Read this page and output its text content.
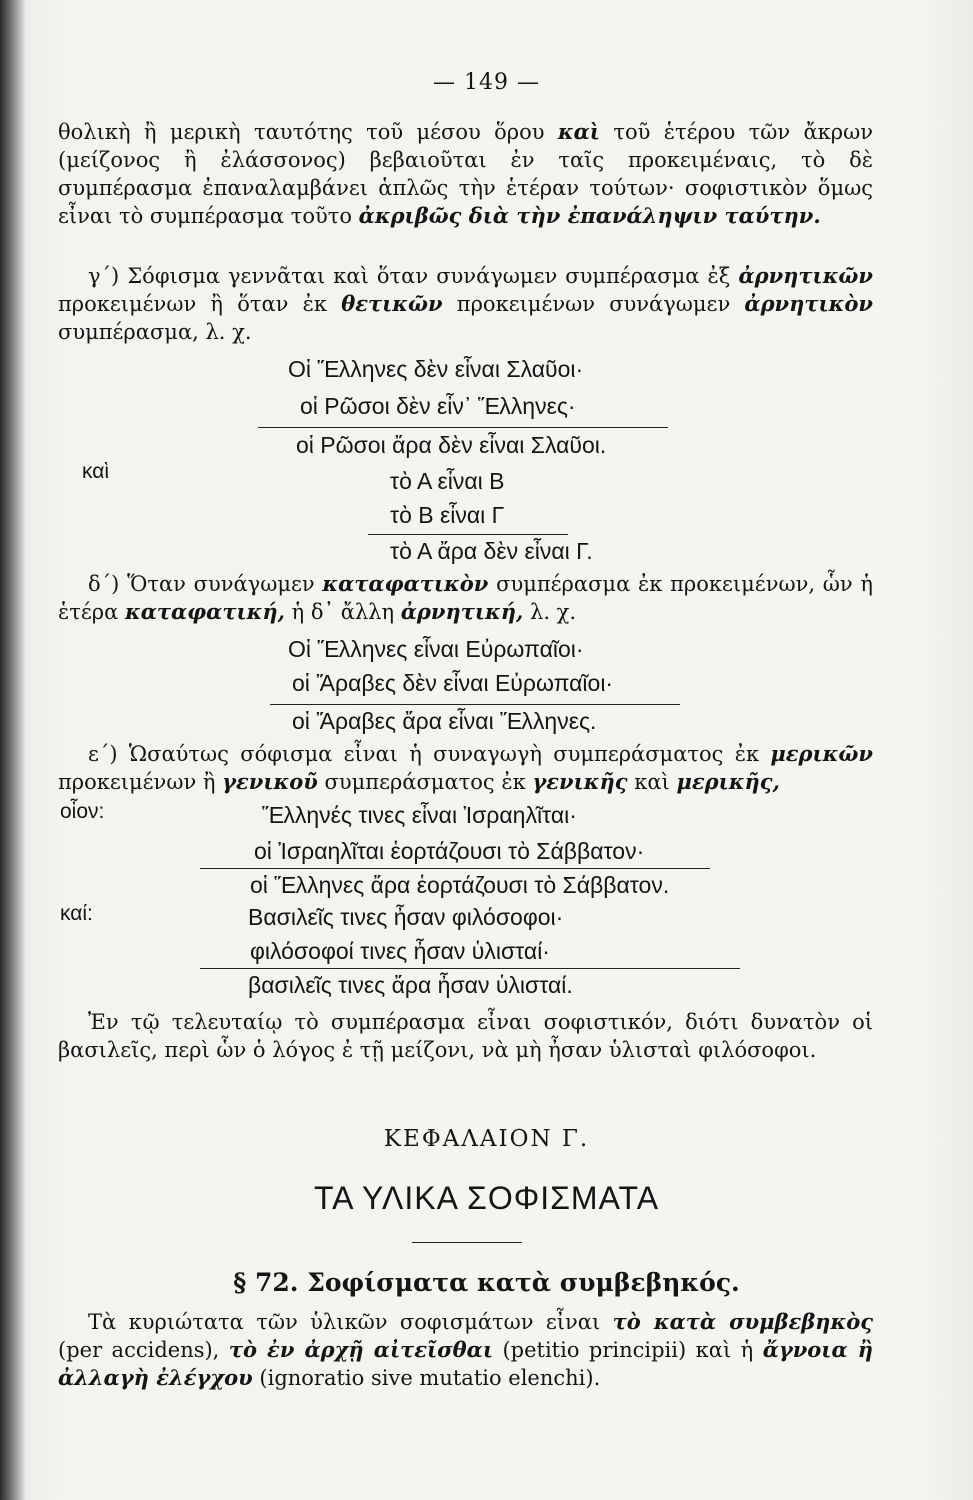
— 149 —

θολικὴ ἢ μερικὴ ταυτότης τοῦ μέσου ὅρου καὶ τοῦ ἑτέρου τῶν ἄκρων (μείζονος ἢ ἐλάσσονος) βεβαιοῦται ἐν ταῖς προκειμέναις, τὸ δὲ συμπέρασμα ἐπαναλαμβάνει ἁπλῶς τὴν ἑτέραν τούτων· σοφιστικὸν ὅμως εἶναι τὸ συμπέρασμα τοῦτο ἀκριβῶς διὰ τὴν ἐπανάληψιν ταύτην.

γ΄) Σόφισμα γεννᾶται καὶ ὅταν συνάγωμεν συμπέρασμα ἐξ ἀρνητικῶν προκειμένων ἢ ὅταν ἐκ θετικῶν προκειμένων συνάγωμεν ἀρνητικὸν συμπέρασμα, λ. χ.

Οἱ Ἕλληνες δὲν εἶναι Σλαῦοι·
οἱ Ρῶσοι δὲν εἶν᾽ Ἕλληνες·
οἱ Ρῶσοι ἄρα δὲν εἶναι Σλαῦοι.
καὶ	τὸ Α εἶναι Β
τὸ Β εἶναι Γ
τὸ Α ἄρα δὲν εἶναι Γ.

δ΄) Ὅταν συνάγωμεν καταφατικὸν συμπέρασμα ἐκ προκειμένων, ὧν ἡ ἑτέρα καταφατική, ἡ δ᾽ ἄλλη ἀρνητική, λ. χ.

Οἱ Ἕλληνες εἶναι Εὐρωπαῖοι·
οἱ Ἄραβες δὲν εἶναι Εὐρωπαῖοι·
οἱ Ἄραβες ἄρα εἶναι Ἕλληνες.

ε΄) Ὡσαύτως σόφισμα εἶναι ἡ συναγωγὴ συμπεράσματος ἐκ μερικῶν προκειμένων ἢ γενικοῦ συμπεράσματος ἐκ γενικῆς καὶ μερικῆς,

οἷον:	Ἕλληνές τινες εἶναι Ἰσραηλῖται·
οἱ Ἰσραηλῖται ἑορτάζουσι τὸ Σάββατον·
οἱ Ἕλληνες ἄρα ἑορτάζουσι τὸ Σάββατον.
καί:	Βασιλεῖς τινες ἦσαν φιλόσοφοι·
φιλόσοφοί τινες ἦσαν ὑλισταί·
βασιλεῖς τινες ἄρα ἦσαν ὑλισταί.

Ἐν τῷ τελευταίῳ τὸ συμπέρασμα εἶναι σοφιστικόν, διότι δυνατὸν οἱ βασιλεῖς, περὶ ὧν ὁ λόγος ἐ τῇ μείζονι, νὰ μὴ ἦσαν ὑλισταὶ φιλόσοφοι.

ΚΕΦΑΛΑΙΟΝ Γ.
ΤΑ ΥΛΙΚΑ ΣΟΦΙΣΜΑΤΑ
§ 72. Σοφίσματα κατὰ συμβεβηκός.

Τὰ κυριώτατα τῶν ὑλικῶν σοφισμάτων εἶναι τὸ κατὰ συμβεβηκὸς (per accidens), τὸ ἐν ἀρχῇ αἰτεῖσθαι (petitio principii) καὶ ἡ ἄγνοια ἢ ἀλλαγὴ ἐλέγχου (ignoratio sive mutatio elenchi).
